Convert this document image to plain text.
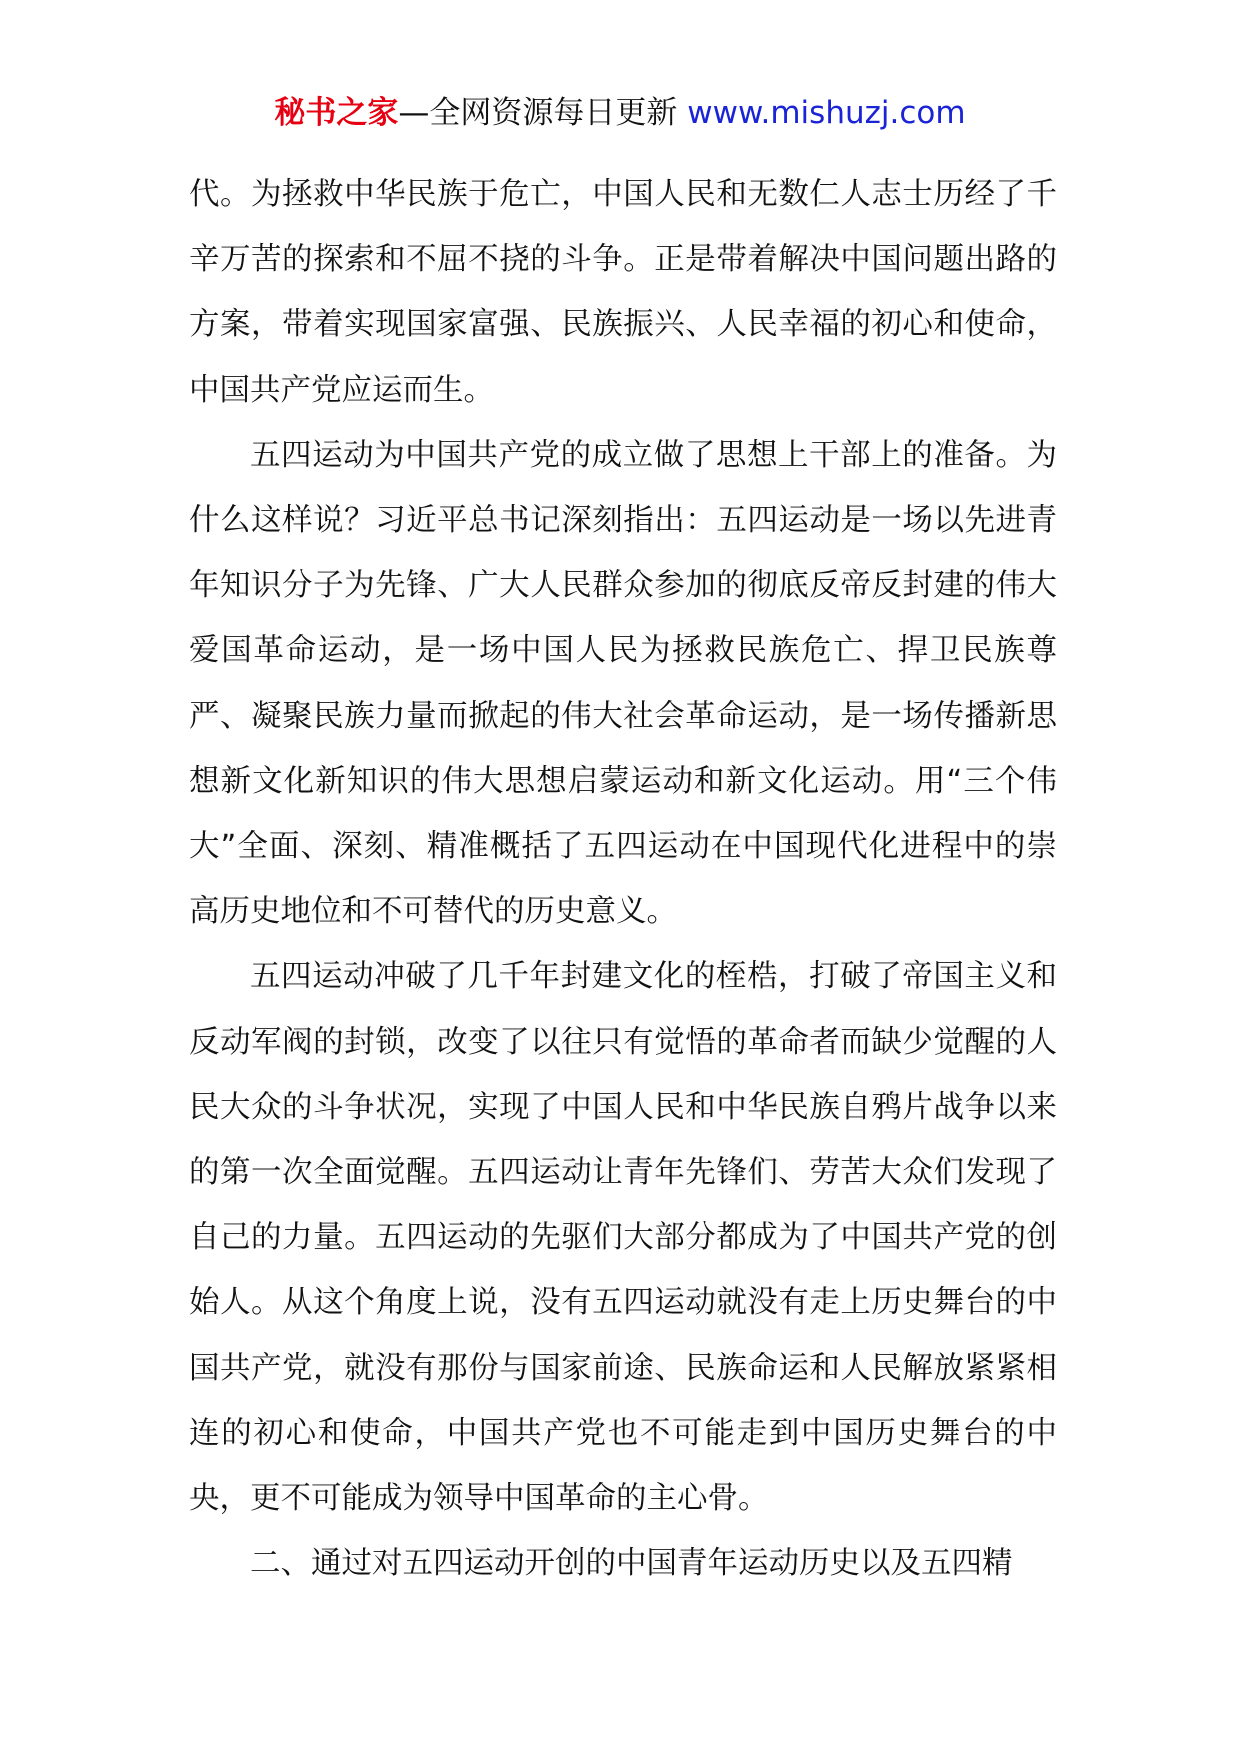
秘书之家—全网资源每日更新 www.mishuzj.com

代。为拯救中华民族于危亡，中国人民和无数仁人志士历经了千辛万苦的探索和不屈不挠的斗争。正是带着解决中国问题出路的方案，带着实现国家富强、民族振兴、人民幸福的初心和使命，中国共产党应运而生。

五四运动为中国共产党的成立做了思想上干部上的准备。为什么这样说？习近平总书记深刻指出：五四运动是一场以先进青年知识分子为先锋、广大人民群众参加的彻底反帝反封建的伟大爱国革命运动，是一场中国人民为拯救民族危亡、捍卫民族尊严、凝聚民族力量而掀起的伟大社会革命运动，是一场传播新思想新文化新知识的伟大思想启蒙运动和新文化运动。用“三个伟大”全面、深刻、精准概括了五四运动在中国现代化进程中的崇高历史地位和不可替代的历史意义。

五四运动冲破了几千年封建文化的桎梏，打破了帝国主义和反动军阀的封锁，改变了以往只有觉悟的革命者而缺少觉醒的人民大众的斗争状况，实现了中国人民和中华民族自鸦片战争以来的第一次全面觉醒。五四运动让青年先锋们、劳苦大众们发现了自己的力量。五四运动的先驱们大部分都成为了中国共产党的创始人。从这个角度上说，没有五四运动就没有走上历史舞台的中国共产党，就没有那份与国家前途、民族命运和人民解放紧紧相连的初心和使命，中国共产党也不可能走到中国历史舞台的中央，更不可能成为领导中国革命的主心骨。

二、通过对五四运动开创的中国青年运动历史以及五四精
